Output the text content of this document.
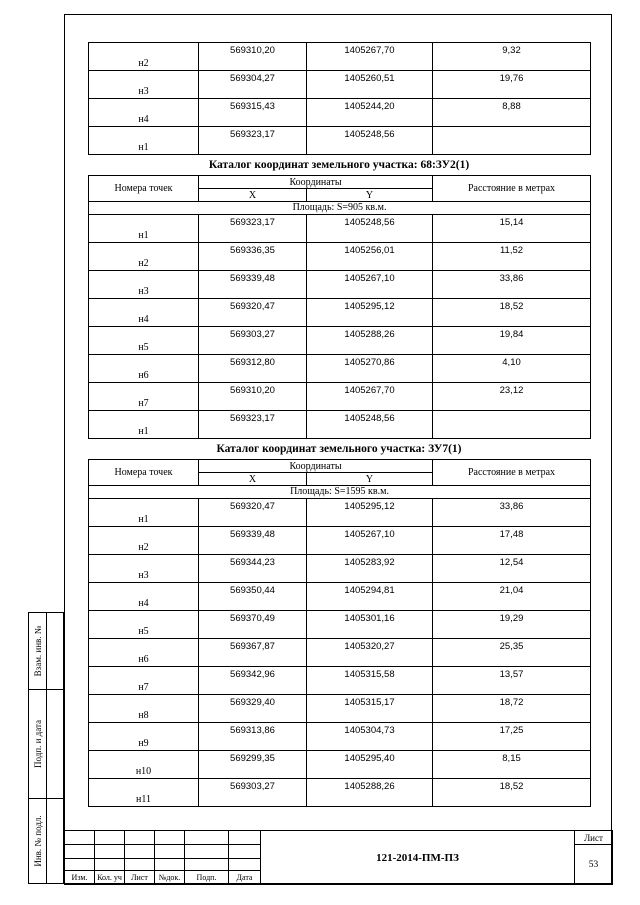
н2	569310,20	1405267,70	9,32
н3	569304,27	1405260,51	19,76
н4	569315,43	1405244,20	8,88
н1	569323,17	1405248,56	
Каталог координат земельного участка: 68:ЗУ2(1)
Номера точек	Координаты		Расстояние в метрах
	X	Y	
Площадь: S=905 кв.м.			
н1	569323,17	1405248,56	15,14
н2	569336,35	1405256,01	11,52
н3	569339,48	1405267,10	33,86
н4	569320,47	1405295,12	18,52
н5	569303,27	1405288,26	19,84
н6	569312,80	1405270,86	4,10
н7	569310,20	1405267,70	23,12
н1	569323,17	1405248,56	
Каталог координат земельного участка: ЗУ7(1)
Номера точек	Координаты		Расстояние в метрах
	X	Y	
Площадь: S=1595 кв.м.			
н1	569320,47	1405295,12	33,86
н2	569339,48	1405267,10	17,48
н3	569344,23	1405283,92	12,54
н4	569350,44	1405294,81	21,04
н5	569370,49	1405301,16	19,29
н6	569367,87	1405320,27	25,35
н7	569342,96	1405315,58	13,57
н8	569329,40	1405315,17	18,72
н9	569313,86	1405304,73	17,25
н10	569299,35	1405295,40	8,15
н11	569303,27	1405288,26	18,52
Взам. инв. №
Подп. и дата
Инв. № подл.
							121-2014-ПМ-ПЗ	Лист
							53

Изм.	Кол. уч	Лист	№док.	Подп.	Дата		
